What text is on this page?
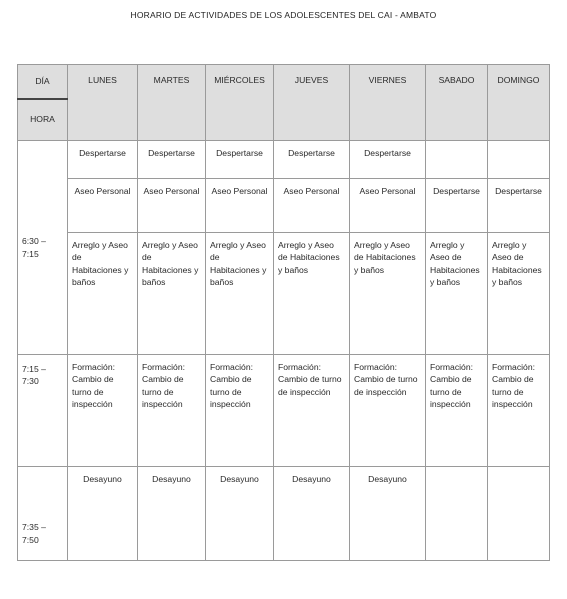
HORARIO DE ACTIVIDADES DE LOS ADOLESCENTES DEL CAI - AMBATO
DÍA	LUNES	MARTES	MIÉRCOLES	JUEVES	VIERNES	SABADO	DOMINGO
HORA							
6:30 – 7:15	Despertarse	Despertarse	Despertarse	Despertarse	Despertarse		
	Aseo Personal	Aseo Personal	Aseo Personal	Aseo Personal	Aseo Personal	Despertarse	Despertarse
	Arreglo y Aseo de Habitaciones y baños	Arreglo y Aseo de Habitaciones y baños	Arreglo y Aseo de Habitaciones y baños	Arreglo y Aseo de Habitaciones y baños	Arreglo y Aseo de Habitaciones y baños	Arreglo y Aseo de Habitaciones y baños	Arreglo y Aseo de Habitaciones y baños
7:15 – 7:30	Formación: Cambio de turno de inspección	Formación: Cambio de turno de inspección	Formación: Cambio de turno de inspección	Formación: Cambio de turno de inspección	Formación: Cambio de turno de inspección	Formación: Cambio de turno de inspección	Formación: Cambio de turno de inspección
7:35 – 7:50	Desayuno	Desayuno	Desayuno	Desayuno	Desayuno		
